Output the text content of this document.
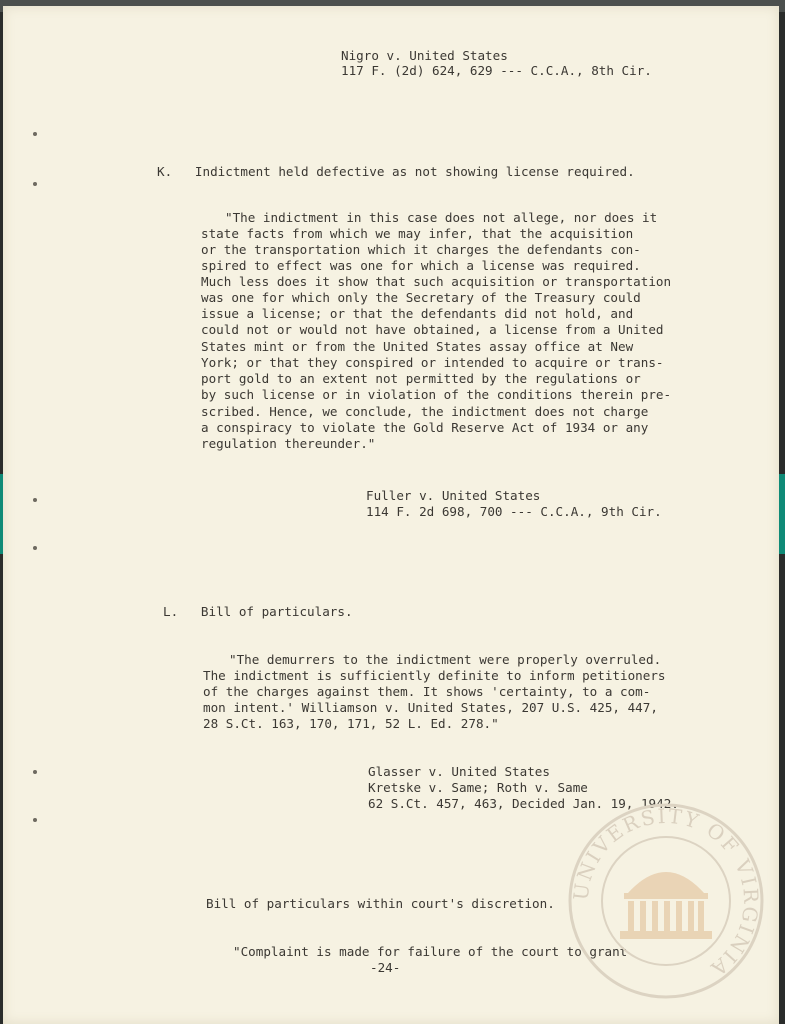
Nigro v. United States

117 F. (2d) 624, 629 --- C.C.A., 8th Cir.

K.   Indictment held defective as not showing license required.

"The indictment in this case does not allege, nor does it

state facts from which we may infer, that the acquisition

or the transportation which it charges the defendants con-

spired to effect was one for which a license was required.

Much less does it show that such acquisition or transportation

was one for which only the Secretary of the Treasury could

issue a license; or that the defendants did not hold, and

could not or would not have obtained, a license from a United

States mint or from the United States assay office at New

York; or that they conspired or intended to acquire or trans-

port gold to an extent not permitted by the regulations or

by such license or in violation of the conditions therein pre-

scribed. Hence, we conclude, the indictment does not charge

a conspiracy to violate the Gold Reserve Act of 1934 or any

regulation thereunder."

Fuller v. United States

114 F. 2d 698, 700 --- C.C.A., 9th Cir.

L.   Bill of particulars.

"The demurrers to the indictment were properly overruled.

The indictment is sufficiently definite to inform petitioners

of the charges against them. It shows 'certainty, to a com-

mon intent.' Williamson v. United States, 207 U.S. 425, 447,

28 S.Ct. 163, 170, 171, 52 L. Ed. 278."

Glasser v. United States

Kretske v. Same; Roth v. Same

62 S.Ct. 457, 463, Decided Jan. 19, 1942.

Bill of particulars within court's discretion.

"Complaint is made for failure of the court to grant

-24-

UNIVERSITY OF VIRGINIA
